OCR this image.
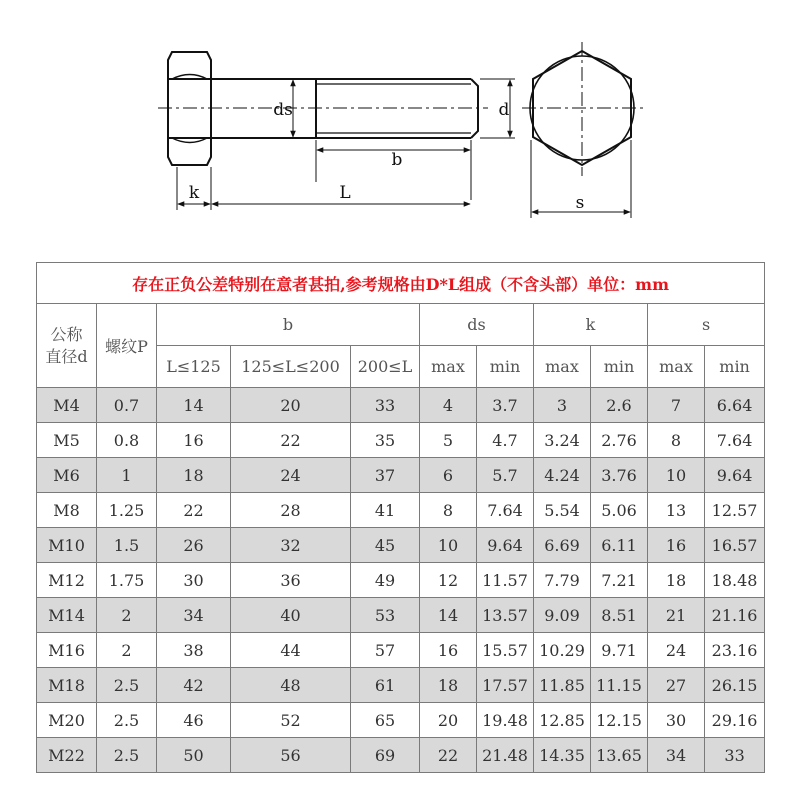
ds	d
b
k	L	s
存在正负公差特别在意者甚拍,参考规格由D*L组成（不含头部）单位：mm										
公称直径d	螺纹P	b			ds		k		s	
		L≤125	125≤L≤200	200≤L	max	min	max	min	max	min
M4	0.7	14	20	33	4	3.7	3	2.6	7	6.64
M5	0.8	16	22	35	5	4.7	3.24	2.76	8	7.64
M6	1	18	24	37	6	5.7	4.24	3.76	10	9.64
M8	1.25	22	28	41	8	7.64	5.54	5.06	13	12.57
M10	1.5	26	32	45	10	9.64	6.69	6.11	16	16.57
M12	1.75	30	36	49	12	11.57	7.79	7.21	18	18.48
M14	2	34	40	53	14	13.57	9.09	8.51	21	21.16
M16	2	38	44	57	16	15.57	10.29	9.71	24	23.16
M18	2.5	42	48	61	18	17.57	11.85	11.15	27	26.15
M20	2.5	46	52	65	20	19.48	12.85	12.15	30	29.16
M22	2.5	50	56	69	22	21.48	14.35	13.65	34	33
